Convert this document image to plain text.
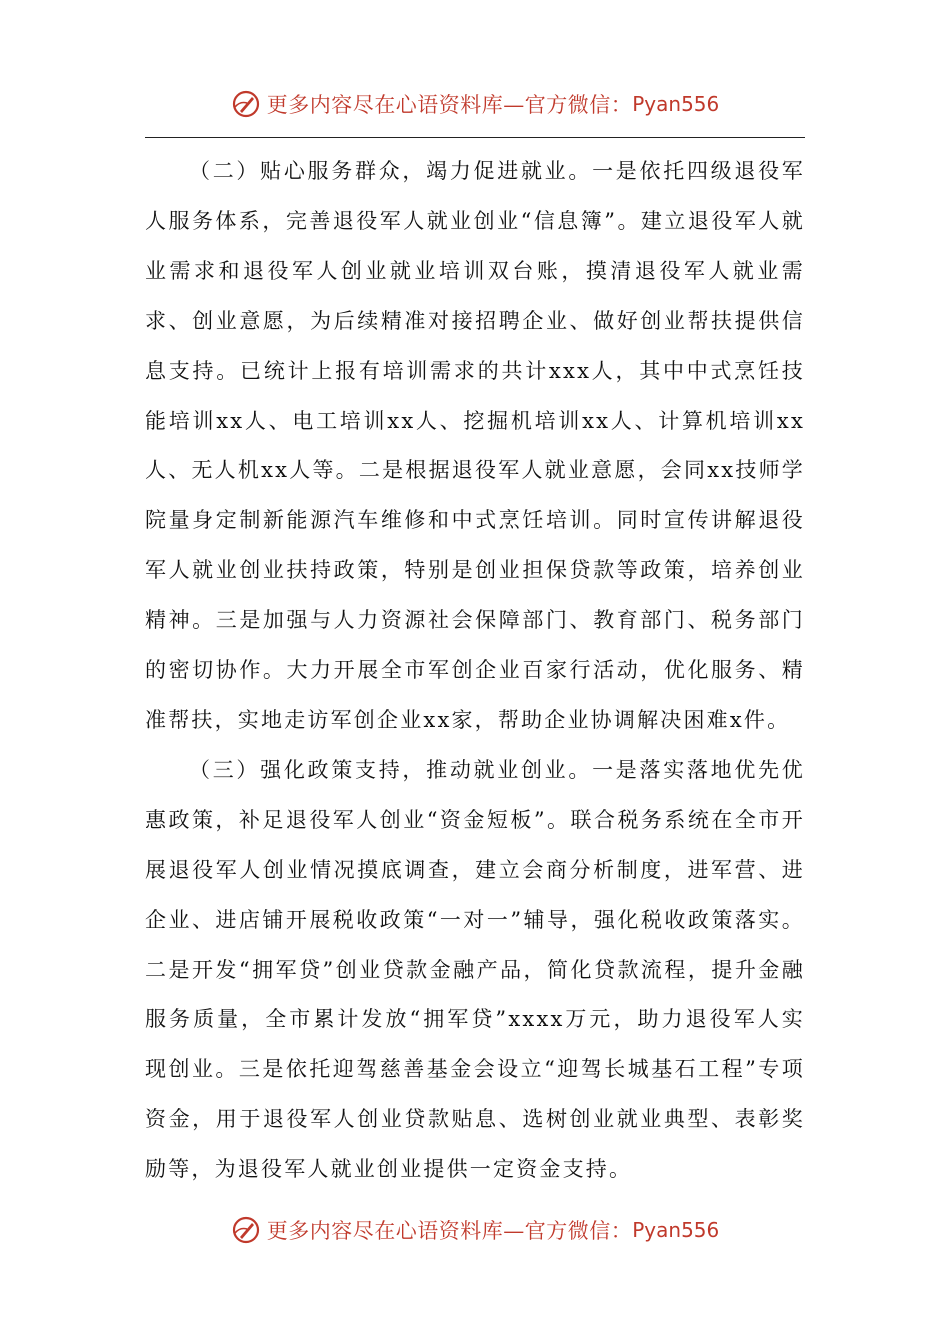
更多内容尽在心语资料库—官方微信： Pyan556

（二）贴心服务群众，竭力促进就业。一是依托四级退役军人服务体系，完善退役军人就业创业“信息簿”。建立退役军人就业需求和退役军人创业就业培训双台账，摸清退役军人就业需求、创业意愿，为后续精准对接招聘企业、做好创业帮扶提供信息支持。已统计上报有培训需求的共计xxx人，其中中式烹饪技能培训xx人、电工培训xx人、挖掘机培训xx人、计算机培训xx人、无人机xx人等。二是根据退役军人就业意愿，会同xx技师学院量身定制新能源汽车维修和中式烹饪培训。同时宣传讲解退役军人就业创业扶持政策，特别是创业担保贷款等政策，培养创业精神。三是加强与人力资源社会保障部门、教育部门、税务部门的密切协作。大力开展全市军创企业百家行活动，优化服务、精准帮扶，实地走访军创企业xx家，帮助企业协调解决困难x件。

（三）强化政策支持，推动就业创业。一是落实落地优先优惠政策，补足退役军人创业“资金短板”。联合税务系统在全市开展退役军人创业情况摸底调查，建立会商分析制度，进军营、进企业、进店铺开展税收政策“一对一”辅导，强化税收政策落实。二是开发“拥军贷”创业贷款金融产品，简化贷款流程，提升金融服务质量，全市累计发放“拥军贷”xxxx万元，助力退役军人实现创业。三是依托迎驾慈善基金会设立“迎驾长城基石工程”专项资金，用于退役军人创业贷款贴息、选树创业就业典型、表彰奖励等，为退役军人就业创业提供一定资金支持。

更多内容尽在心语资料库—官方微信： Pyan556
